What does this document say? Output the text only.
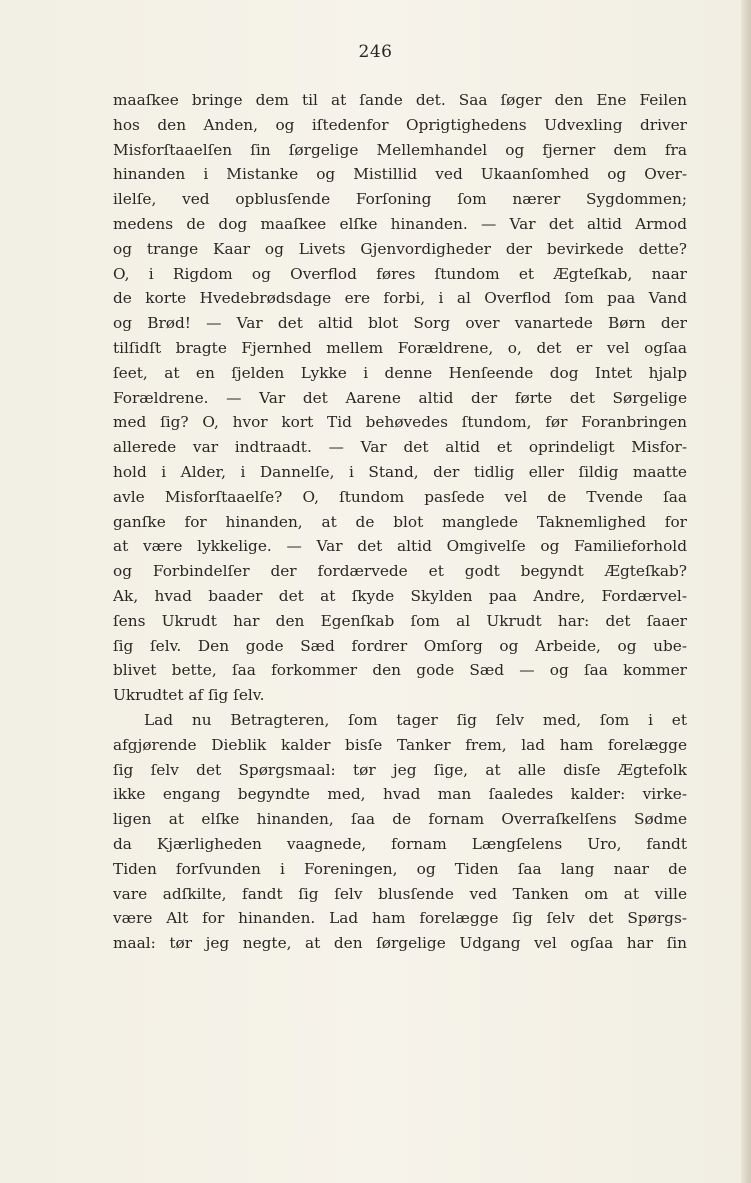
246
maaſkee bringe dem til at ſande det. Saa ſøger den Ene Feilen
hos den Anden, og iſtedenfor Oprigtighedens Udvexling driver
Misforſtaaelſen ſin ſørgelige Mellemhandel og fjerner dem fra
hinanden i Mistanke og Mistillid ved Ukaanſomhed og Over-
ilelſe, ved opblusſende Forſoning ſom nærer Sygdommen;
medens de dog maaſkee elſke hinanden. — Var det altid Armod
og trange Kaar og Livets Gjenvordigheder der bevirkede dette?
O, i Rigdom og Overflod føres ſtundom et Ægteſkab, naar
de korte Hvedebrødsdage ere forbi, i al Overflod ſom paa Vand
og Brød! — Var det altid blot Sorg over vanartede Børn der
tilſidſt bragte Fjernhed mellem Forældrene, o, det er vel ogſaa
ſeet, at en ſjelden Lykke i denne Henſeende dog Intet hjalp
Forældrene. — Var det Aarene altid der førte det Sørgelige
med ſig? O, hvor kort Tid behøvedes ſtundom, før Foranbringen
allerede var indtraadt. — Var det altid et oprindeligt Misfor-
hold i Alder, i Dannelſe, i Stand, der tidlig eller ſildig maatte
avle Misforſtaaelſe? O, ſtundom pasſede vel de Tvende ſaa
ganſke for hinanden, at de blot manglede Taknemlighed for
at være lykkelige. — Var det altid Omgivelſe og Familieforhold
og Forbindelſer der fordærvede et godt begyndt Ægteſkab?
Ak, hvad baader det at ſkyde Skylden paa Andre, Fordærvel-
ſens Ukrudt har den Egenſkab ſom al Ukrudt har: det ſaaer
ſig ſelv. Den gode Sæd fordrer Omſorg og Arbeide, og ube-
blivet bette, ſaa forkommer den gode Sæd — og ſaa kommer
Ukrudtet af ſig ſelv.
Lad nu Betragteren, ſom tager ſig ſelv med, ſom i et
afgjørende Dieblik kalder bisſe Tanker frem, lad ham forelægge
ſig ſelv det Spørgsmaal: tør jeg ſige, at alle disſe Ægtefolk
ikke engang begyndte med, hvad man ſaaledes kalder: virke-
ligen at elſke hinanden, ſaa de fornam Overraſkelſens Sødme
da Kjærligheden vaagnede, fornam Længſelens Uro, fandt
Tiden forſvunden i Foreningen, og Tiden ſaa lang naar de
vare adſkilte, fandt ſig ſelv blusſende ved Tanken om at ville
være Alt for hinanden. Lad ham forelægge ſig ſelv det Spørgs-
maal: tør jeg negte, at den ſørgelige Udgang vel ogſaa har ſin
